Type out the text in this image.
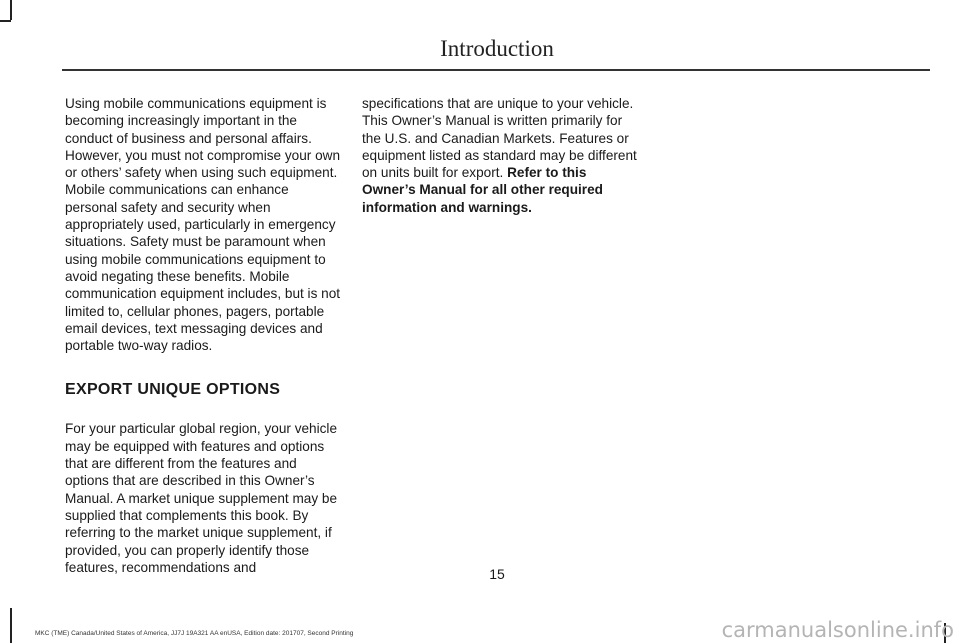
Introduction

Using mobile communications equipment is becoming increasingly important in the conduct of business and personal affairs. However, you must not compromise your own or others’ safety when using such equipment. Mobile communications can enhance personal safety and security when appropriately used, particularly in emergency situations. Safety must be paramount when using mobile communications equipment to avoid negating these benefits. Mobile communication equipment includes, but is not limited to, cellular phones, pagers, portable email devices, text messaging devices and portable two-way radios.

EXPORT UNIQUE OPTIONS

For your particular global region, your vehicle may be equipped with features and options that are different from the features and options that are described in this Owner’s Manual. A market unique supplement may be supplied that complements this book. By referring to the market unique supplement, if provided, you can properly identify those features, recommendations and

specifications that are unique to your vehicle. This Owner’s Manual is written primarily for the U.S. and Canadian Markets. Features or equipment listed as standard may be different on units built for export. Refer to this Owner’s Manual for all other required information and warnings.

15
MKC (TME) Canada/United States of America, JJ7J 19A321 AA enUSA, Edition date: 201707, Second Printing	carmanualsonline.info
